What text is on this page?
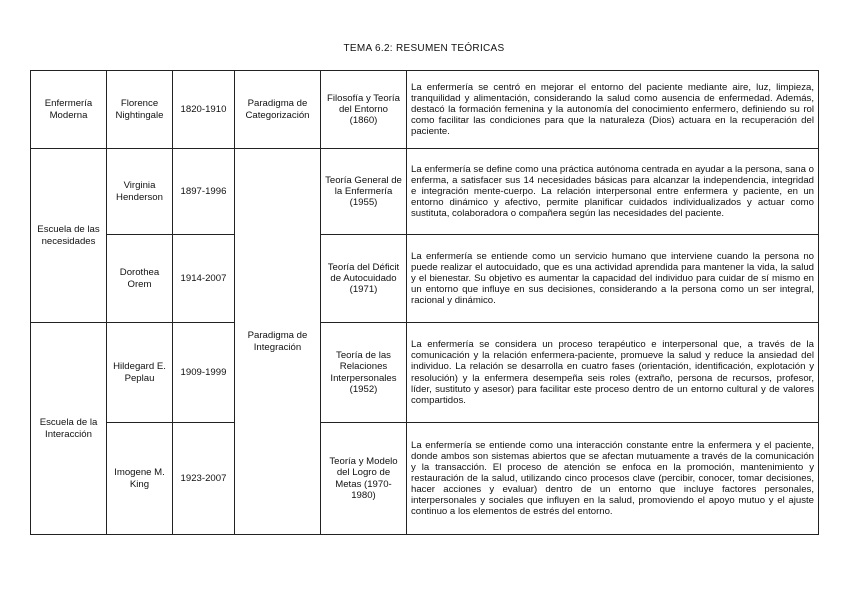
TEMA 6.2: RESUMEN TEÓRICAS
Enfermería Moderna	Florence Nightingale	1820-1910	Paradigma de Categorización	Filosofía y Teoría del Entorno (1860)	La enfermería se centró en mejorar el entorno del paciente mediante aire, luz, limpieza, tranquilidad y alimentación, considerando la salud como ausencia de enfermedad. Además, destacó la formación femenina y la autonomía del conocimiento enfermero, definiendo su rol como facilitar las condiciones para que la naturaleza (Dios) actuara en la recuperación del paciente.
Escuela de las necesidades	Virginia Henderson	1897-1996	Paradigma de Integración	Teoría General de la Enfermería (1955)	La enfermería se define como una práctica autónoma centrada en ayudar a la persona, sana o enferma, a satisfacer sus 14 necesidades básicas para alcanzar la independencia, integridad e integración mente-cuerpo. La relación interpersonal entre enfermera y paciente, en un entorno dinámico y afectivo, permite planificar cuidados individualizados y actuar como sustituta, colaboradora o compañera según las necesidades del paciente.
	Dorothea Orem	1914-2007		Teoría del Déficit de Autocuidado (1971)	La enfermería se entiende como un servicio humano que interviene cuando la persona no puede realizar el autocuidado, que es una actividad aprendida para mantener la vida, la salud y el bienestar. Su objetivo es aumentar la capacidad del individuo para cuidar de sí mismo en un entorno que influye en sus decisiones, considerando a la persona como un ser integral, racional y dinámico.
Escuela de la Interacción	Hildegard E. Peplau	1909-1999		Teoría de las Relaciones Interpersonales (1952)	La enfermería se considera un proceso terapéutico e interpersonal que, a través de la comunicación y la relación enfermera-paciente, promueve la salud y reduce la ansiedad del individuo. La relación se desarrolla en cuatro fases (orientación, identificación, explotación y resolución) y la enfermera desempeña seis roles (extraño, persona de recursos, profesor, líder, sustituto y asesor) para facilitar este proceso dentro de un entorno cultural y de valores compartidos.
	Imogene M. King	1923-2007		Teoría y Modelo del Logro de Metas (1970-1980)	La enfermería se entiende como una interacción constante entre la enfermera y el paciente, donde ambos son sistemas abiertos que se afectan mutuamente a través de la comunicación y la transacción. El proceso de atención se enfoca en la promoción, mantenimiento y restauración de la salud, utilizando cinco procesos clave (percibir, conocer, tomar decisiones, hacer acciones y evaluar) dentro de un entorno que incluye factores personales, interpersonales y sociales que influyen en la salud, promoviendo el apoyo mutuo y el ajuste continuo a los elementos de estrés del entorno.
